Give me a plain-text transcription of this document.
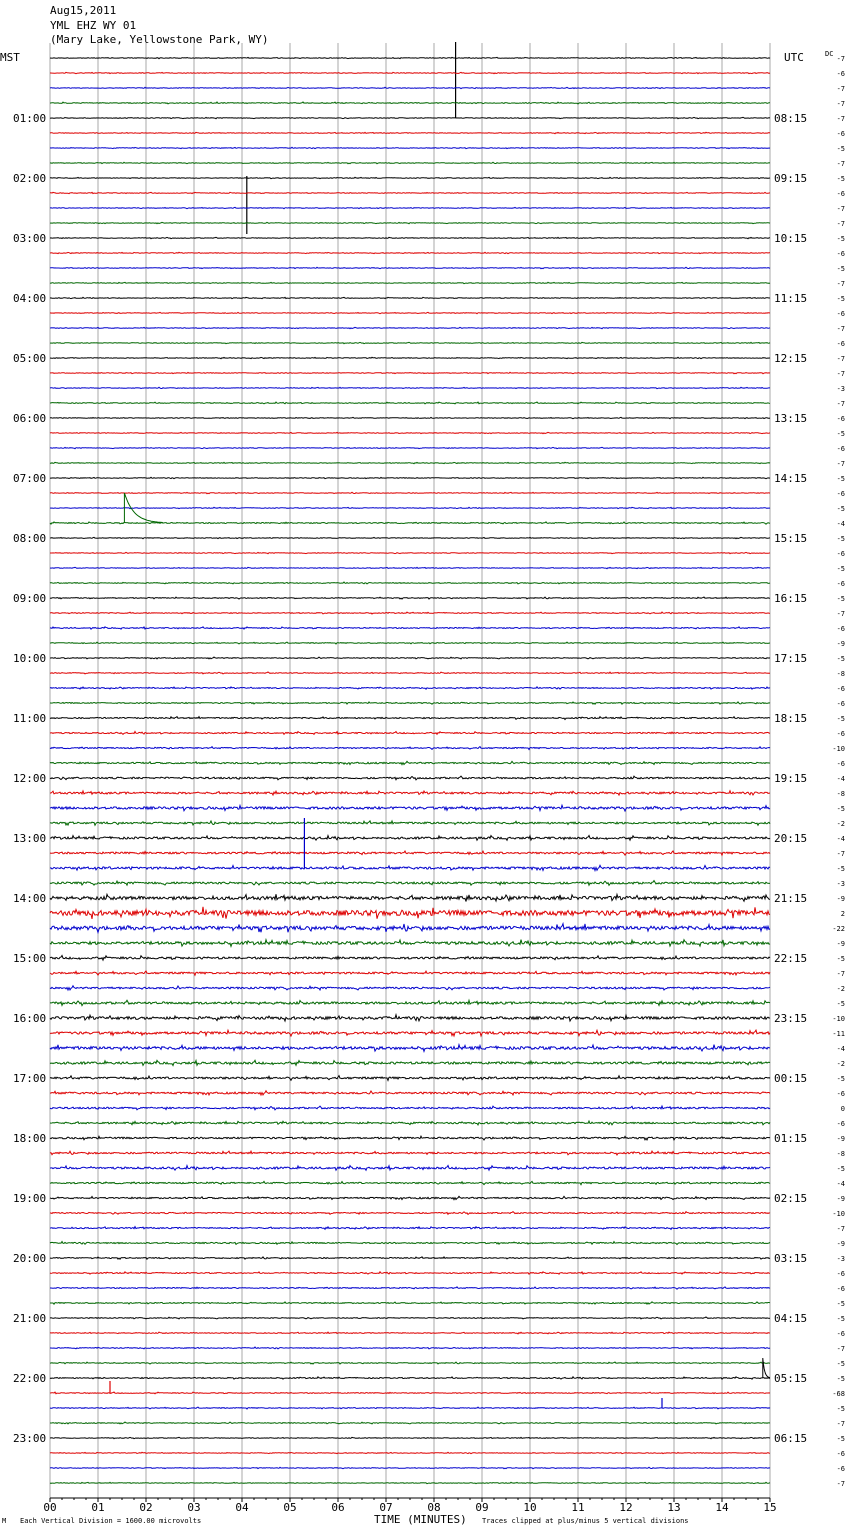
Aug15,2011
YML EHZ WY 01
(Mary Lake, Yellowstone Park, WY)
01:00
02:00
03:00
04:00
05:00
06:00
07:00
08:00
09:00
10:00
11:00
12:00
13:00
14:00
15:00
16:00
17:00
18:00
19:00
20:00
21:00
22:00
23:00
08:15
09:15
10:15
11:15
12:15
13:15
14:15
15:15
16:15
17:15
18:15
19:15
20:15
21:15
22:15
23:15
00:15
01:15
02:15
03:15
04:15
05:15
06:15
-7
-6
-7
-7
-7
-6
-5
-7
-5
-6
-7
-7
-5
-6
-5
-7
-5
-6
-7
-6
-7
-7
-3
-7
-6
-5
-6
-7
-5
-6
-5
-4
-5
-6
-5
-6
-5
-7
-6
-9
-5
-8
-6
-6
-5
-6
-10
-6
-4
-8
-5
-2
-4
-7
-5
-3
-9
2
-22
-9
-5
-7
-2
-5
-10
-11
-4
-2
-5
-6
0
-6
-9
-8
-5
-4
-9
-10
-7
-9
-3
-6
-6
-5
-5
-6
-7
-5
-5
-68
-5
-7
-5
-6
-6
-7
00	01	02	03	04	05	06	07	08	09	10	11	12	13	14	15
MST	UTC	DC
TIME (MINUTES)
M Each Vertical Division = 1600.00 microvolts	Traces clipped at plus/minus 5 vertical divisions
